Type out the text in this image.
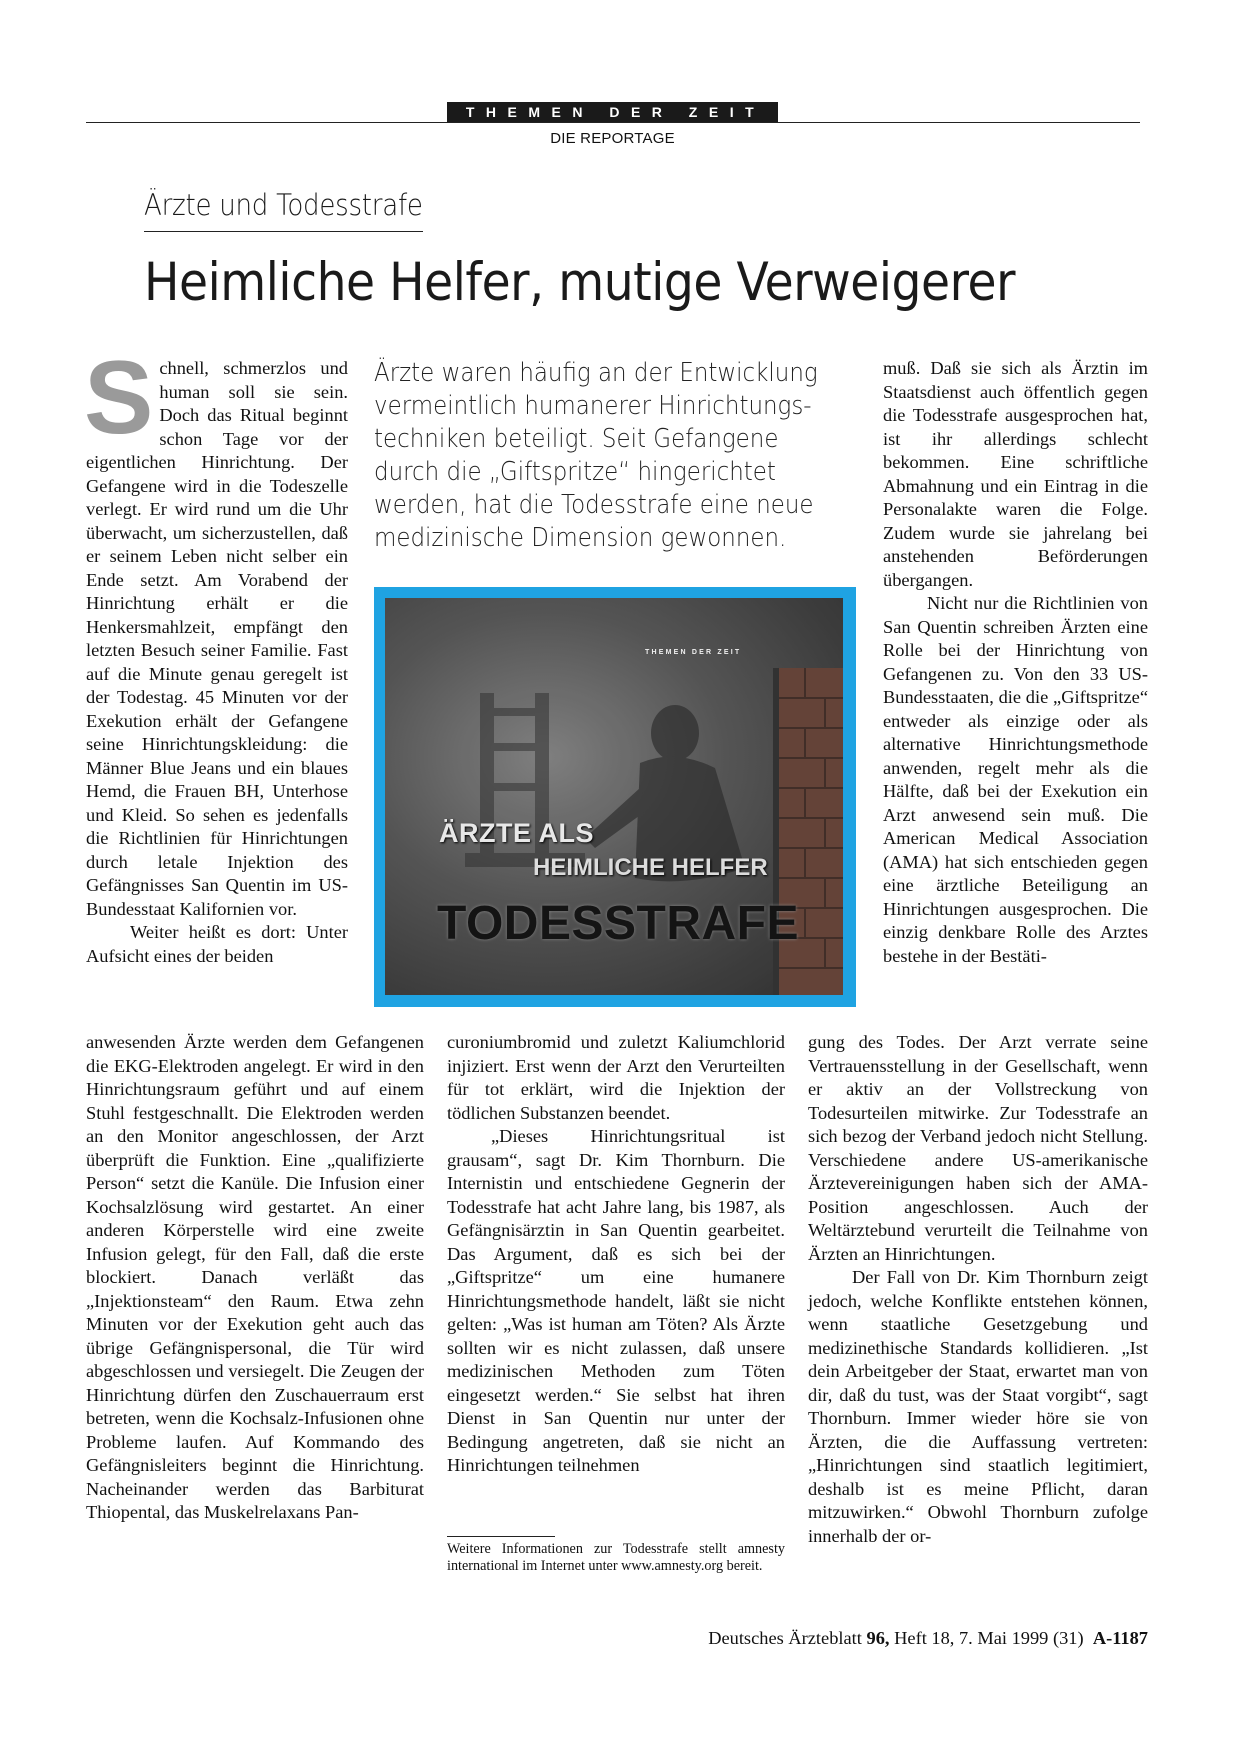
THEMEN DER ZEIT
DIE REPORTAGE
Ärzte und Todesstrafe
Heimliche Helfer, mutige Verweigerer

Schnell, schmerzlos und human soll sie sein. Doch das Ritual beginnt schon Tage vor der eigentlichen Hinrichtung. Der Gefangene wird in die Todeszelle verlegt. Er wird rund um die Uhr überwacht, um sicherzustellen, daß er seinem Leben nicht selber ein Ende setzt. Am Vorabend der Hinrichtung erhält er die Henkersmahlzeit, empfängt den letzten Besuch seiner Familie. Fast auf die Minute genau geregelt ist der Todestag. 45 Minuten vor der Exekution erhält der Gefangene seine Hinrichtungskleidung: die Männer Blue Jeans und ein blaues Hemd, die Frauen BH, Unterhose und Kleid. So sehen es jedenfalls die Richtlinien für Hinrichtungen durch letale Injektion des Gefängnisses San Quentin im US-Bundesstaat Kalifornien vor.

Weiter heißt es dort: Unter Aufsicht eines der beiden

Ärzte waren häufig an der Entwicklung
vermeintlich humanerer Hinrichtungs-
techniken beteiligt. Seit Gefangene
durch die „Giftspritze“ hingerichtet
werden, hat die Todesstrafe eine neue
medizinische Dimension gewonnen.
THEMEN DER ZEIT
ÄRZTE ALS
HEIMLICHE HELFER
TODESSTRAFE

muß. Daß sie sich als Ärztin im Staatsdienst auch öffentlich gegen die Todesstrafe ausgesprochen hat, ist ihr allerdings schlecht bekommen. Eine schriftliche Abmahnung und ein Eintrag in die Personalakte waren die Folge. Zudem wurde sie jahrelang bei anstehenden Beförderungen übergangen.

Nicht nur die Richtlinien von San Quentin schreiben Ärzten eine Rolle bei der Hinrichtung von Gefangenen zu. Von den 33 US-Bundesstaaten, die die „Giftspritze“ entweder als einzige oder als alternative Hinrichtungsmethode anwenden, regelt mehr als die Hälfte, daß bei der Exekution ein Arzt anwesend sein muß. Die American Medical Association (AMA) hat sich entschieden gegen eine ärztliche Beteiligung an Hinrichtungen ausgesprochen. Die einzig denkbare Rolle des Arztes bestehe in der Bestäti-

anwesenden Ärzte werden dem Gefangenen die EKG-Elektroden angelegt. Er wird in den Hinrichtungsraum geführt und auf einem Stuhl festgeschnallt. Die Elektroden werden an den Monitor angeschlossen, der Arzt überprüft die Funktion. Eine „qualifizierte Person“ setzt die Kanüle. Die Infusion einer Kochsalzlösung wird gestartet. An einer anderen Körperstelle wird eine zweite Infusion gelegt, für den Fall, daß die erste blockiert. Danach verläßt das „Injektionsteam“ den Raum. Etwa zehn Minuten vor der Exekution geht auch das übrige Gefängnispersonal, die Tür wird abgeschlossen und versiegelt. Die Zeugen der Hinrichtung dürfen den Zuschauerraum erst betreten, wenn die Kochsalz-Infusionen ohne Probleme laufen. Auf Kommando des Gefängnisleiters beginnt die Hinrichtung. Nacheinander werden das Barbiturat Thiopental, das Muskelrelaxans Pan-

curoniumbromid und zuletzt Kaliumchlorid injiziert. Erst wenn der Arzt den Verurteilten für tot erklärt, wird die Injektion der tödlichen Substanzen beendet.

„Dieses Hinrichtungsritual ist grausam“, sagt Dr. Kim Thornburn. Die Internistin und entschiedene Gegnerin der Todesstrafe hat acht Jahre lang, bis 1987, als Gefängnisärztin in San Quentin gearbeitet. Das Argument, daß es sich bei der „Giftspritze“ um eine humanere Hinrichtungsmethode handelt, läßt sie nicht gelten: „Was ist human am Töten? Als Ärzte sollten wir es nicht zulassen, daß unsere medizinischen Methoden zum Töten eingesetzt werden.“ Sie selbst hat ihren Dienst in San Quentin nur unter der Bedingung angetreten, daß sie nicht an Hinrichtungen teilnehmen

gung des Todes. Der Arzt verrate seine Vertrauensstellung in der Gesellschaft, wenn er aktiv an der Vollstreckung von Todesurteilen mitwirke. Zur Todesstrafe an sich bezog der Verband jedoch nicht Stellung. Verschiedene andere US-amerikanische Ärztevereinigungen haben sich der AMA-Position angeschlossen. Auch der Weltärztebund verurteilt die Teilnahme von Ärzten an Hinrichtungen.

Der Fall von Dr. Kim Thornburn zeigt jedoch, welche Konflikte entstehen können, wenn staatliche Gesetzgebung und medizinethische Standards kollidieren. „Ist dein Arbeitgeber der Staat, erwartet man von dir, daß du tust, was der Staat vorgibt“, sagt Thornburn. Immer wieder höre sie von Ärzten, die die Auffassung vertreten: „Hinrichtungen sind staatlich legitimiert, deshalb ist es meine Pflicht, daran mitzuwirken.“ Obwohl Thornburn zufolge innerhalb der or-

Weitere Informationen zur Todesstrafe stellt amnesty international im Internet unter www.amnesty.org bereit.
Deutsches Ärzteblatt 96, Heft 18, 7. Mai 1999 (31) A-1187
